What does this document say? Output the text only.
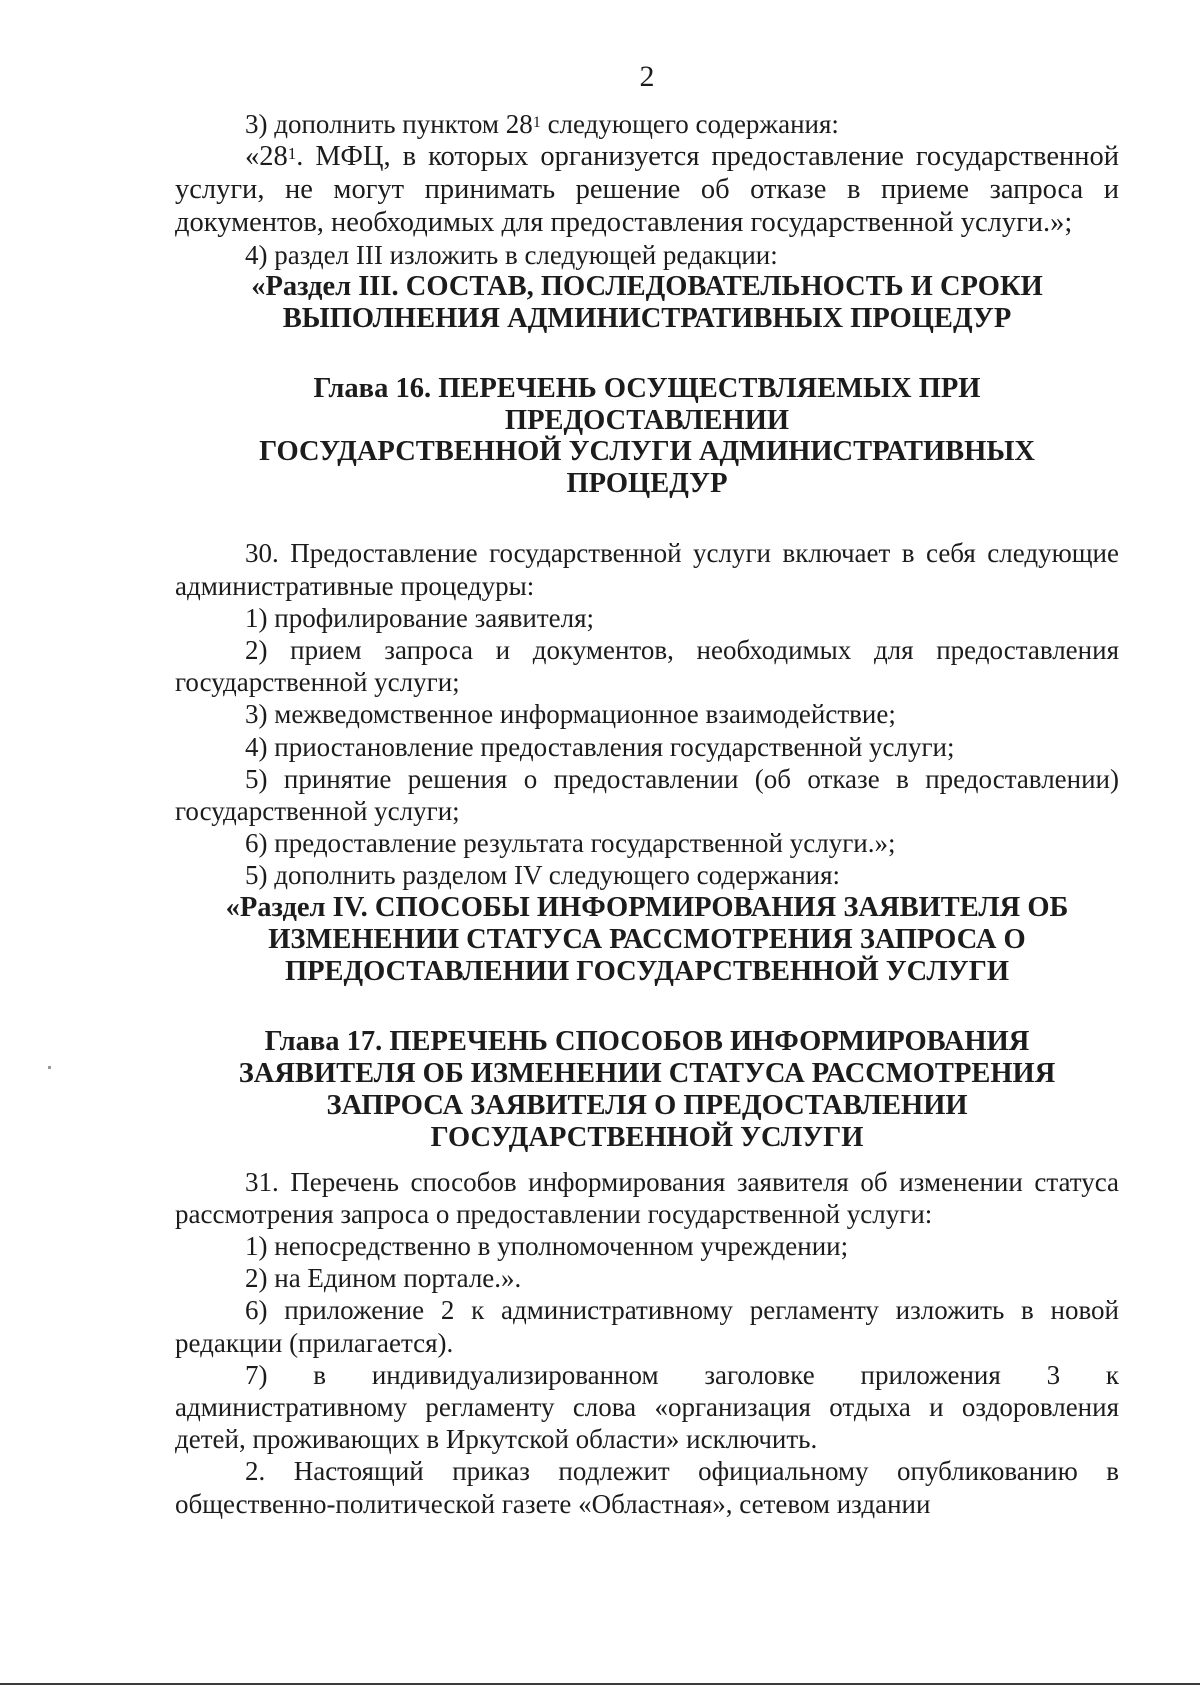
2

3) дополнить пунктом $28^1$ следующего содержания:

«$28^1$. МФЦ, в которых организуется предоставление государственной услуги, не могут принимать решение об отказе в приеме запроса и документов, необходимых для предоставления государственной услуги.»;

4) раздел III изложить в следующей редакции:

«Раздел III. СОСТАВ, ПОСЛЕДОВАТЕЛЬНОСТЬ И СРОКИ
ВЫПОЛНЕНИЯ АДМИНИСТРАТИВНЫХ ПРОЦЕДУР
Глава 16. ПЕРЕЧЕНЬ ОСУЩЕСТВЛЯЕМЫХ ПРИ
ПРЕДОСТАВЛЕНИИ
ГОСУДАРСТВЕННОЙ УСЛУГИ АДМИНИСТРАТИВНЫХ
ПРОЦЕДУР

30. Предоставление государственной услуги включает в себя следующие административные процедуры:

1) профилирование заявителя;

2) прием запроса и документов, необходимых для предоставления государственной услуги;

3) межведомственное информационное взаимодействие;

4) приостановление предоставления государственной услуги;

5) принятие решения о предоставлении (об отказе в предоставлении) государственной услуги;

6) предоставление результата государственной услуги.»;

5) дополнить разделом IV следующего содержания:

«Раздел IV. СПОСОБЫ ИНФОРМИРОВАНИЯ ЗАЯВИТЕЛЯ ОБ
ИЗМЕНЕНИИ СТАТУСА РАССМОТРЕНИЯ ЗАПРОСА О
ПРЕДОСТАВЛЕНИИ ГОСУДАРСТВЕННОЙ УСЛУГИ
Глава 17. ПЕРЕЧЕНЬ СПОСОБОВ ИНФОРМИРОВАНИЯ
ЗАЯВИТЕЛЯ ОБ ИЗМЕНЕНИИ СТАТУСА РАССМОТРЕНИЯ
ЗАПРОСА ЗАЯВИТЕЛЯ О ПРЕДОСТАВЛЕНИИ
ГОСУДАРСТВЕННОЙ УСЛУГИ

31. Перечень способов информирования заявителя об изменении статуса рассмотрения запроса о предоставлении государственной услуги:

1) непосредственно в уполномоченном учреждении;

2) на Едином портале.».

6) приложение 2 к административному регламенту изложить в новой редакции (прилагается).

7) в индивидуализированном заголовке приложения 3 к административному регламенту слова «организация отдыха и оздоровления детей, проживающих в Иркутской области» исключить.

2. Настоящий приказ подлежит официальному опубликованию в общественно-политической газете «Областная», сетевом издании
